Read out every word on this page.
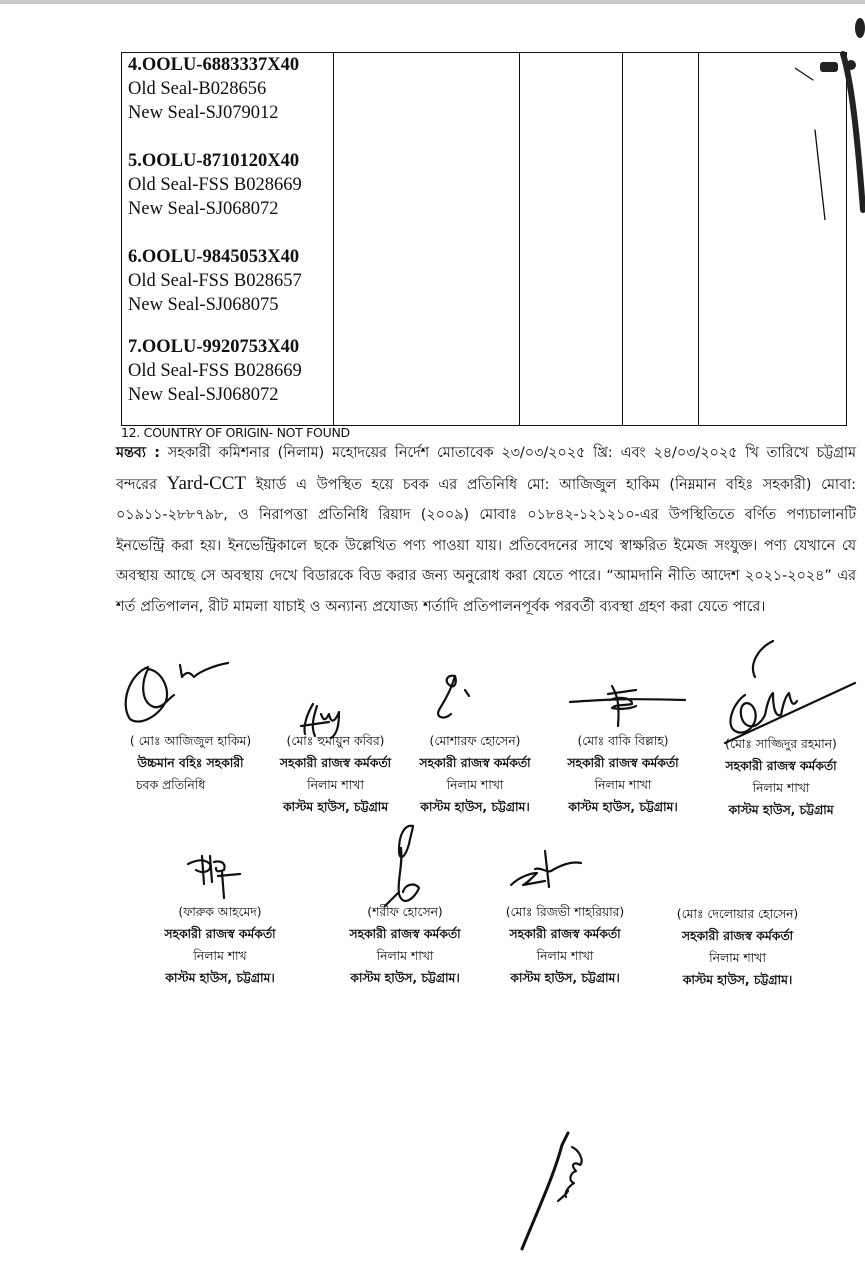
4.OOLU-6883337X40

Old Seal-B028656

New Seal-SJ079012

5.OOLU-8710120X40

Old Seal-FSS B028669

New Seal-SJ068072

6.OOLU-9845053X40

Old Seal-FSS B028657

New Seal-SJ068075

7.OOLU-9920753X40

Old Seal-FSS B028669

New Seal-SJ068072

12. COUNTRY OF ORIGIN- NOT FOUND
মন্তব্য : সহকারী কমিশনার (নিলাম) মহোদয়ের নির্দেশ মোতাবেক ২৩/০৩/২০২৫ খ্রি: এবং ২৪/০৩/২০২৫ খি তারিখে চট্টগ্রাম বন্দরের Yard-CCT ইয়ার্ড এ উপস্থিত হয়ে চবক এর প্রতিনিধি মো: আজিজুল হাকিম (নিম্নমান বহিঃ সহকারী) মোবা: ০১৯১১-২৮৮৭৯৮, ও নিরাপত্তা প্রতিনিধি রিয়াদ (২০০৯) মোবাঃ ০১৮৪২-১২১২১০-এর উপস্থিতিতে বর্ণিত পণ্যচালানটি ইনভেন্ট্রি করা হয়। ইনভেন্ট্রিকালে ছকে উল্লেখিত পণ্য পাওয়া যায়। প্রতিবেদনের সাথে স্বাক্ষরিত ইমেজ সংযুক্ত। পণ্য যেখানে যে অবস্থায় আছে সে অবস্থায় দেখে বিডারকে বিড করার জন্য অনুরোধ করা যেতে পারে। “আমদানি নীতি আদেশ ২০২১-২০২৪” এর শর্ত প্রতিপালন, রীট মামলা যাচাই ও অন্যান্য প্রযোজ্য শর্তাদি প্রতিপালনপূর্বক পরবর্তী ব্যবস্থা গ্রহণ করা যেতে পারে।
( মোঃ আজিজুল হাকিম)
উচ্চমান বহিঃ সহকারী
চবক প্রতিনিধি
(মোঃ হুমায়ুন কবির)
সহকারী রাজস্ব কর্মকর্তা
নিলাম শাখা
কাস্টম হাউস, চট্টগ্রাম
(মোশারফ হোসেন)
সহকারী রাজস্ব কর্মকর্তা
নিলাম শাখা
কাস্টম হাউস, চট্টগ্রাম।
(মোঃ বাকি বিল্লাহ)
সহকারী রাজস্ব কর্মকর্তা
নিলাম শাখা
কাস্টম হাউস, চট্টগ্রাম।
(মোঃ সাজ্জিদুর রহমান)
সহকারী রাজস্ব কর্মকর্তা
নিলাম শাখা
কাস্টম হাউস, চট্টগ্রাম
(ফারুক আহমেদ)
সহকারী রাজস্ব কর্মকর্তা
নিলাম শাখ
কাস্টম হাউস, চট্টগ্রাম।
(শরীফ হোসেন)
সহকারী রাজস্ব কর্মকর্তা
নিলাম শাখা
কাস্টম হাউস, চট্টগ্রাম।
(মোঃ রিজভী শাহরিয়ার)
সহকারী রাজস্ব কর্মকর্তা
নিলাম শাখা
কাস্টম হাউস, চট্টগ্রাম।
(মোঃ দেলোয়ার হোসেন)
সহকারী রাজস্ব কর্মকর্তা
নিলাম শাখা
কাস্টম হাউস, চট্টগ্রাম।
